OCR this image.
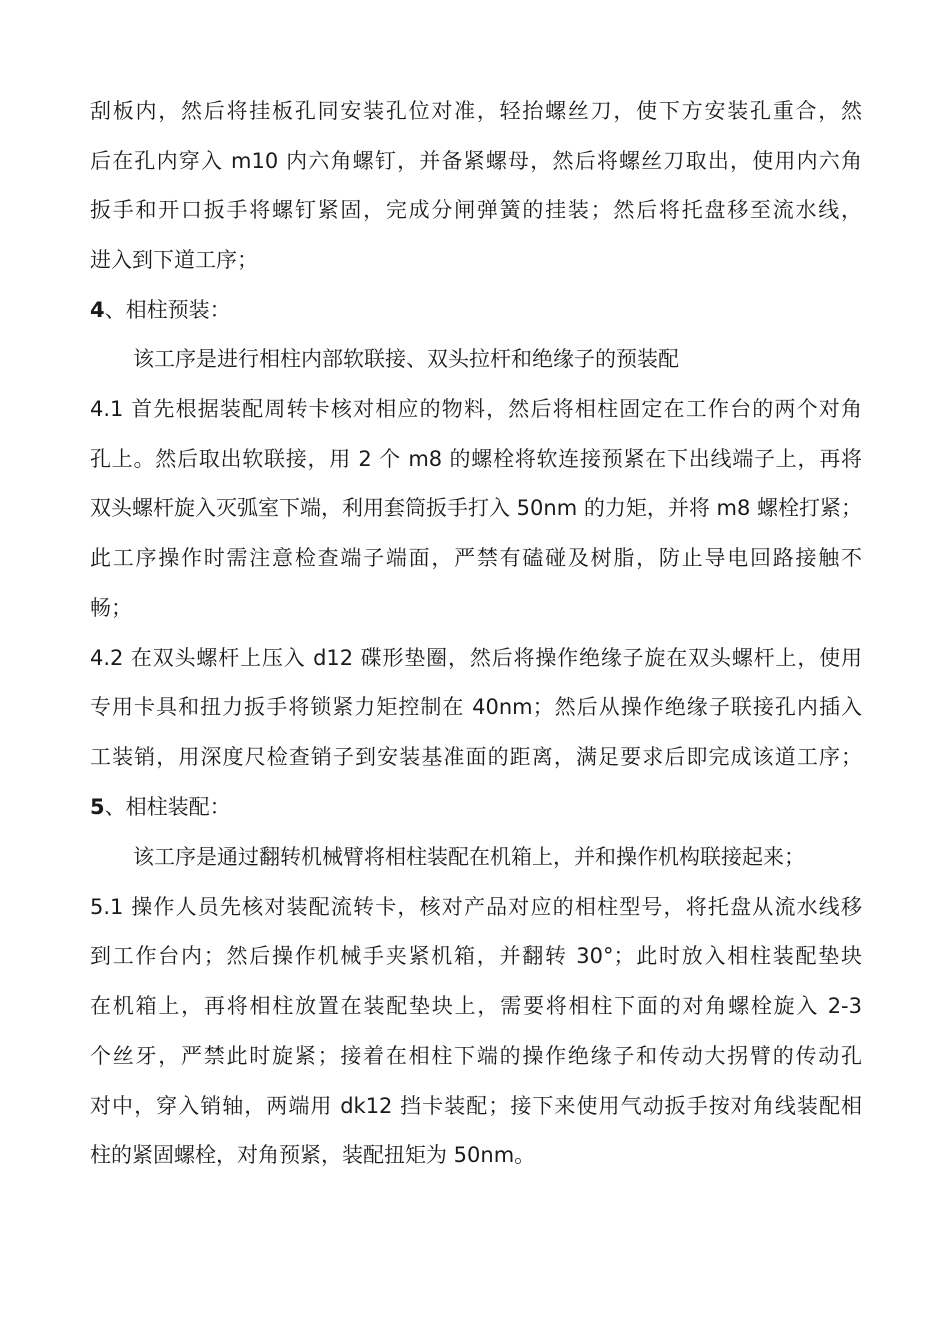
刮板内，然后将挂板孔同安装孔位对准，轻抬螺丝刀，使下方安装孔重合，然
后在孔内穿入 m10 内六角螺钉，并备紧螺母，然后将螺丝刀取出，使用内六角
扳手和开口扳手将螺钉紧固，完成分闸弹簧的挂装；然后将托盘移至流水线，
进入到下道工序；
4、相柱预装：
该工序是进行相柱内部软联接、双头拉杆和绝缘子的预装配
4.1 首先根据装配周转卡核对相应的物料，然后将相柱固定在工作台的两个对角
孔上。然后取出软联接，用 2 个 m8 的螺栓将软连接预紧在下出线端子上，再将
双头螺杆旋入灭弧室下端，利用套筒扳手打入 50nm 的力矩，并将 m8 螺栓打紧；
此工序操作时需注意检查端子端面，严禁有磕碰及树脂，防止导电回路接触不
畅；
4.2 在双头螺杆上压入 d12 碟形垫圈，然后将操作绝缘子旋在双头螺杆上，使用
专用卡具和扭力扳手将锁紧力矩控制在 40nm；然后从操作绝缘子联接孔内插入
工装销，用深度尺检查销子到安装基准面的距离，满足要求后即完成该道工序；
5、相柱装配：
该工序是通过翻转机械臂将相柱装配在机箱上，并和操作机构联接起来；
5.1 操作人员先核对装配流转卡，核对产品对应的相柱型号，将托盘从流水线移
到工作台内；然后操作机械手夹紧机箱，并翻转 30°；此时放入相柱装配垫块
在机箱上，再将相柱放置在装配垫块上，需要将相柱下面的对角螺栓旋入 2-3
个丝牙，严禁此时旋紧；接着在相柱下端的操作绝缘子和传动大拐臂的传动孔
对中，穿入销轴，两端用 dk12 挡卡装配；接下来使用气动扳手按对角线装配相
柱的紧固螺栓，对角预紧，装配扭矩为 50nm。
